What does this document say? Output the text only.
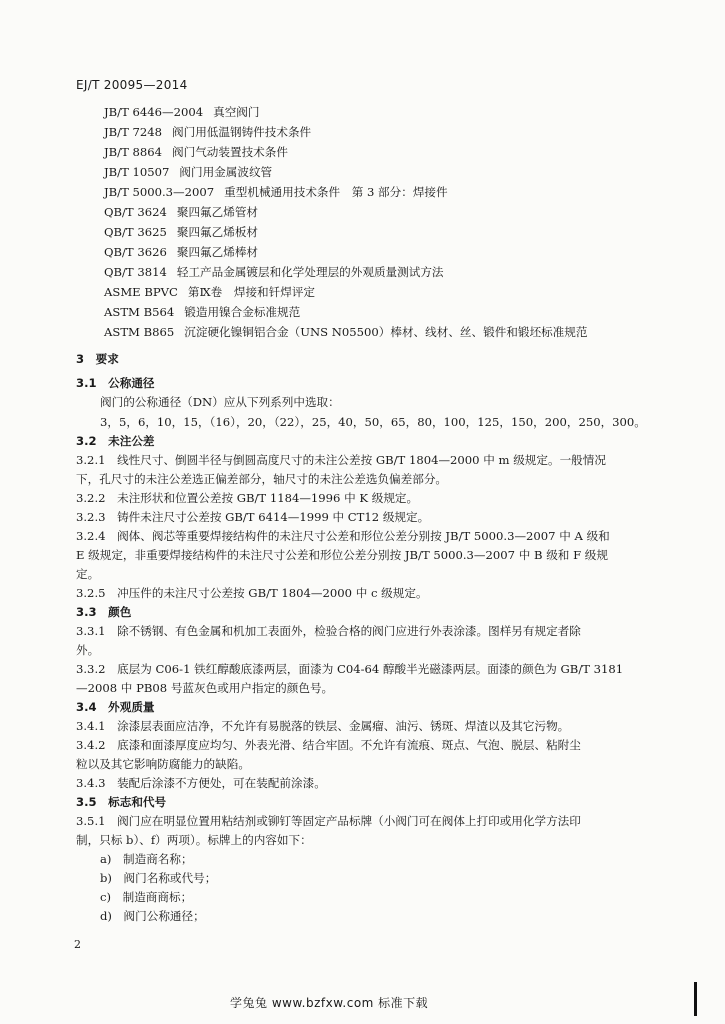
EJ/T 20095—2014
JB/T 6446—2004 真空阀门
JB/T 7248 阀门用低温钢铸件技术条件
JB/T 8864 阀门气动装置技术条件
JB/T 10507 阀门用金属波纹管
JB/T 5000.3—2007 重型机械通用技术条件　第 3 部分：焊接件
QB/T 3624 聚四氟乙烯管材
QB/T 3625 聚四氟乙烯板材
QB/T 3626 聚四氟乙烯棒材
QB/T 3814 轻工产品金属镀层和化学处理层的外观质量测试方法
ASME BPVC 第Ⅸ卷　焊接和钎焊评定
ASTM B564 锻造用镍合金标准规范
ASTM B865 沉淀硬化镍铜铝合金（UNS N05500）棒材、线材、丝、锻件和锻坯标准规范
3　要求
3.1　公称通径
阀门的公称通径（DN）应从下列系列中选取：
3，5，6，10，15，（16），20，（22），25，40，50，65，80，100，125，150，200，250，300。
3.2　未注公差
3.2.1　线性尺寸、倒圆半径与倒圆高度尺寸的未注公差按 GB/T 1804—2000 中 m 级规定。一般情况
下，孔尺寸的未注公差选正偏差部分，轴尺寸的未注公差选负偏差部分。
3.2.2　未注形状和位置公差按 GB/T 1184—1996 中 K 级规定。
3.2.3　铸件未注尺寸公差按 GB/T 6414—1999 中 CT12 级规定。
3.2.4　阀体、阀芯等重要焊接结构件的未注尺寸公差和形位公差分别按 JB/T 5000.3—2007 中 A 级和
E 级规定，非重要焊接结构件的未注尺寸公差和形位公差分别按 JB/T 5000.3—2007 中 B 级和 F 级规
定。
3.2.5　冲压件的未注尺寸公差按 GB/T 1804—2000 中 c 级规定。
3.3　颜色
3.3.1　除不锈钢、有色金属和机加工表面外，检验合格的阀门应进行外表涂漆。图样另有规定者除
外。
3.3.2　底层为 C06-1 铁红醇酸底漆两层，面漆为 C04-64 醇酸半光磁漆两层。面漆的颜色为 GB/T 3181
—2008 中 PB08 号蓝灰色或用户指定的颜色号。
3.4　外观质量
3.4.1　涂漆层表面应洁净，不允许有易脱落的铁层、金属瘤、油污、锈斑、焊渣以及其它污物。
3.4.2　底漆和面漆厚度应均匀、外表光滑、结合牢固。不允许有流痕、斑点、气泡、脱层、粘附尘
粒以及其它影响防腐能力的缺陷。
3.4.3　装配后涂漆不方便处，可在装配前涂漆。
3.5　标志和代号
3.5.1　阀门应在明显位置用粘结剂或铆钉等固定产品标牌（小阀门可在阀体上打印或用化学方法印
制，只标 b）、f）两项）。标牌上的内容如下：
a)　制造商名称；
b)　阀门名称或代号；
c)　制造商商标；
d)　阀门公称通径；
2
学兔兔 www.bzfxw.com 标准下载
